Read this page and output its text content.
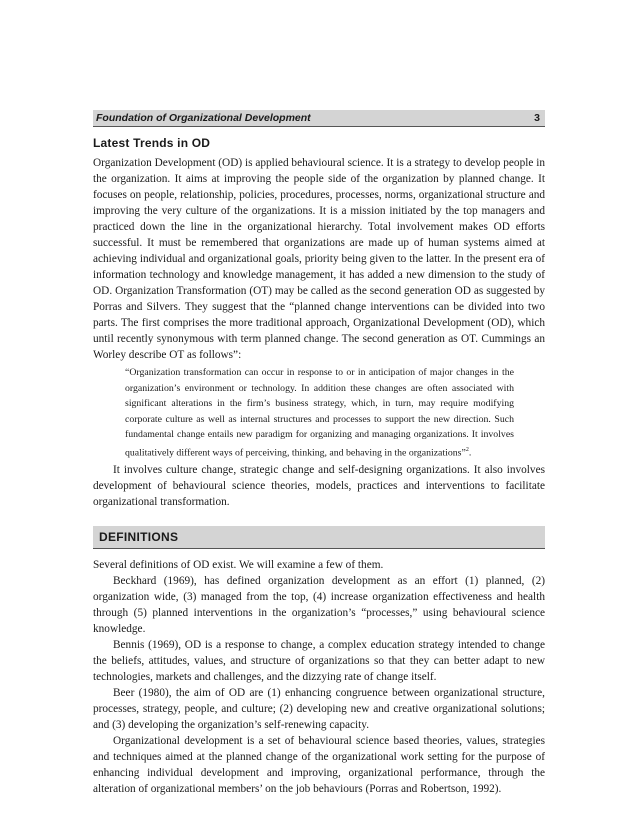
Foundation of Organizational Development	3
Latest Trends in OD

Organization Development (OD) is applied behavioural science. It is a strategy to develop people in the organization. It aims at improving the people side of the organization by planned change. It focuses on people, relationship, policies, procedures, processes, norms, organizational structure and improving the very culture of the organizations. It is a mission initiated by the top managers and practiced down the line in the organizational hierarchy. Total involvement makes OD efforts successful. It must be remembered that organizations are made up of human systems aimed at achieving individual and organizational goals, priority being given to the latter. In the present era of information technology and knowledge management, it has added a new dimension to the study of OD. Organization Transformation (OT) may be called as the second generation OD as suggested by Porras and Silvers. They suggest that the “planned change interventions can be divided into two parts. The first comprises the more traditional approach, Organizational Development (OD), which until recently synonymous with term planned change. The second generation as OT. Cummings an Worley describe OT as follows”:

“Organization transformation can occur in response to or in anticipation of major changes in the organization’s environment or technology. In addition these changes are often associated with significant alterations in the firm’s business strategy, which, in turn, may require modifying corporate culture as well as internal structures and processes to support the new direction. Such fundamental change entails new paradigm for organizing and managing organizations. It involves qualitatively different ways of perceiving, thinking, and behaving in the organizations”$^2$.

It involves culture change, strategic change and self-designing organizations. It also involves development of behavioural science theories, models, practices and interventions to facilitate organizational transformation.

DEFINITIONS

Several definitions of OD exist. We will examine a few of them.

Beckhard (1969), has defined organization development as an effort (1) planned, (2) organization wide, (3) managed from the top, (4) increase organization effectiveness and health through (5) planned interventions in the organization’s “processes,” using behavioural science knowledge.

Bennis (1969), OD is a response to change, a complex education strategy intended to change the beliefs, attitudes, values, and structure of organizations so that they can better adapt to new technologies, markets and challenges, and the dizzying rate of change itself.

Beer (1980), the aim of OD are (1) enhancing congruence between organizational structure, processes, strategy, people, and culture; (2) developing new and creative organizational solutions; and (3) developing the organization’s self-renewing capacity.

Organizational development is a set of behavioural science based theories, values, strategies and techniques aimed at the planned change of the organizational work setting for the purpose of enhancing individual development and improving, organizational performance, through the alteration of organizational members’ on the job behaviours (Porras and Robertson, 1992).
